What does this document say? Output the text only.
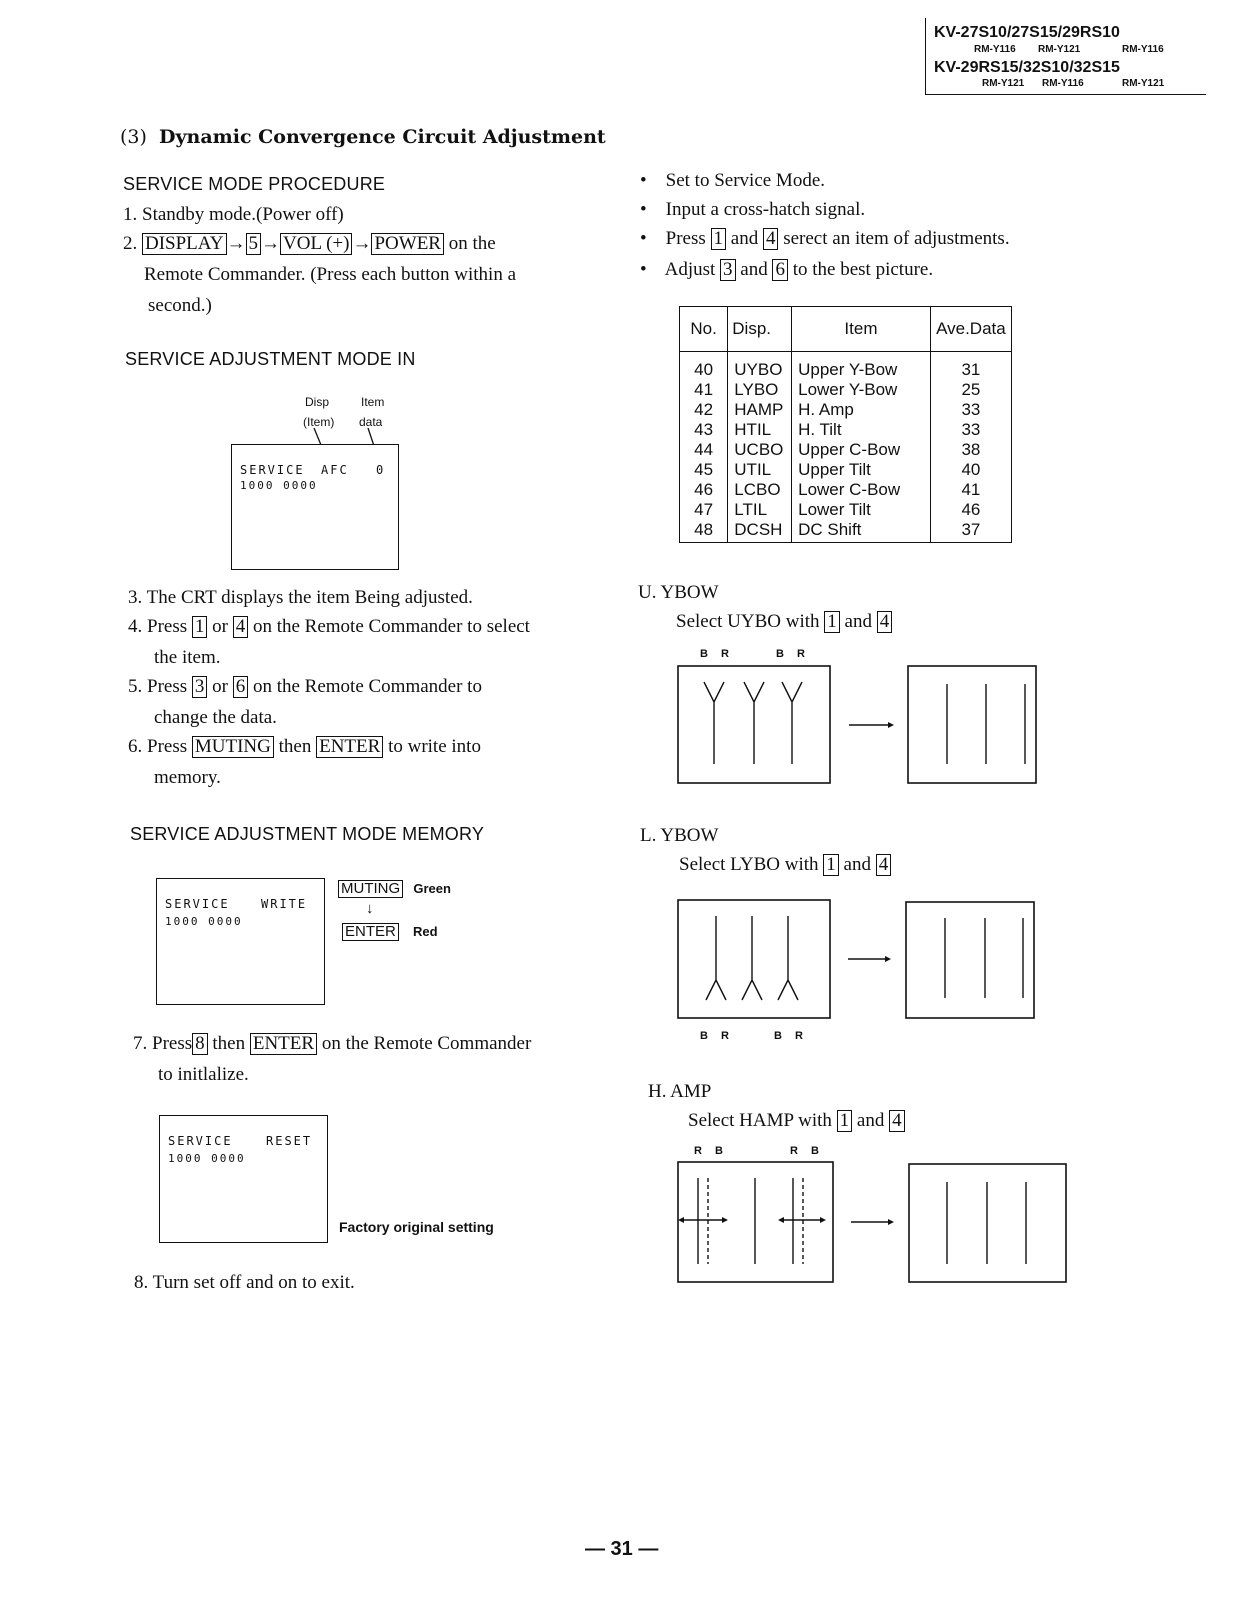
KV-27S10/27S15/29RS10
RM-Y116 RM-Y121	RM-Y116
KV-29RS15/32S10/32S15
RM-Y121 RM-Y116	RM-Y121
(3) Dynamic Convergence Circuit Adjustment
SERVICE MODE PROCEDURE
1. Standby mode.(Power off)
2. DISPLAY → 5 → VOL (+) → POWER on the
Remote Commander. (Press each button within a
second.)
SERVICE ADJUSTMENT MODE IN
Disp
(Item)
Item
data
SERVICE AFC 0
1000 0000
3. The CRT displays the item Being adjusted.
4. Press 1 or 4 on the Remote Commander to select
the item.
5. Press 3 or 6 on the Remote Commander to
change the data.
6. Press MUTING then ENTER to write into
memory.
SERVICE ADJUSTMENT MODE MEMORY
SERVICE	WRITE
1000 0000
MUTING Green
↓
ENTER Red
7. Press 8 then ENTER on the Remote Commander
to initlalize.
SERVICE	RESET
1000 0000
Factory original setting
8. Turn set off and on to exit.
• Set to Service Mode.
• Input a cross-hatch signal.
• Press 1 and 4 serect an item of adjustments.
• Adjust 3 and 6 to the best picture.
No.	Disp.	Item	Ave.Data
40	UYBO	Upper Y-Bow	31
41	LYBO	Lower Y-Bow	25
42	HAMP	H. Amp	33
43	HTIL	H. Tilt	33
44	UCBO	Upper C-Bow	38
45	UTIL	Upper Tilt	40
46	LCBO	Lower C-Bow	41
47	LTIL	Lower Tilt	46
48	DCSH	DC Shift	37
U. YBOW
Select UYBO with 1 and 4
B R	B R
L. YBOW
Select LYBO with 1 and 4
B R	B R
H. AMP
Select HAMP with 1 and 4
R B	R B
— 31 —
